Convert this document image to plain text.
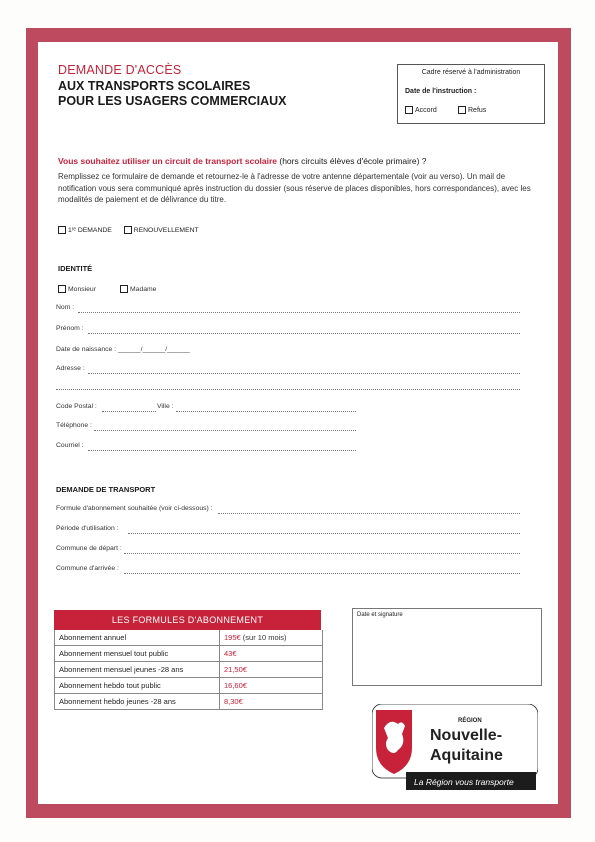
DEMANDE D'ACCÈS
AUX TRANSPORTS SCOLAIRES
POUR LES USAGERS COMMERCIAUX
Cadre réservé à l'administration
Date de l'instruction :
Accord	Refus
Vous souhaitez utiliser un circuit de transport scolaire (hors circuits élèves d'école primaire) ?
Remplissez ce formulaire de demande et retournez-le à l'adresse de votre antenne départementale (voir au verso). Un mail de notification vous sera communiqué après instruction du dossier (sous réserve de places disponibles, hors correspondances), avec les modalités de paiement et de délivrance du titre.
1ʳᵉ DEMANDE	RENOUVELLEMENT
IDENTITÉ
Monsieur	Madame
Nom :
Prénom :
Date de naissance : ______/______/______
Adresse :
Code Postal :	Ville :
Téléphone :
Courriel :
DEMANDE DE TRANSPORT
Formule d'abonnement souhaitée (voir ci-dessous) :
Période d'utilisation :
Commune de départ :
Commune d'arrivée :
LES FORMULES D'ABONNEMENT
Abonnement annuel	195€ (sur 10 mois)
Abonnement mensuel tout public	43€
Abonnement mensuel jeunes -28 ans	21,50€
Abonnement hebdo tout public	16,60€
Abonnement hebdo jeunes -28 ans	8,30€
Date et signature
RÉGION
Nouvelle-
Aquitaine
La Région vous transporte
